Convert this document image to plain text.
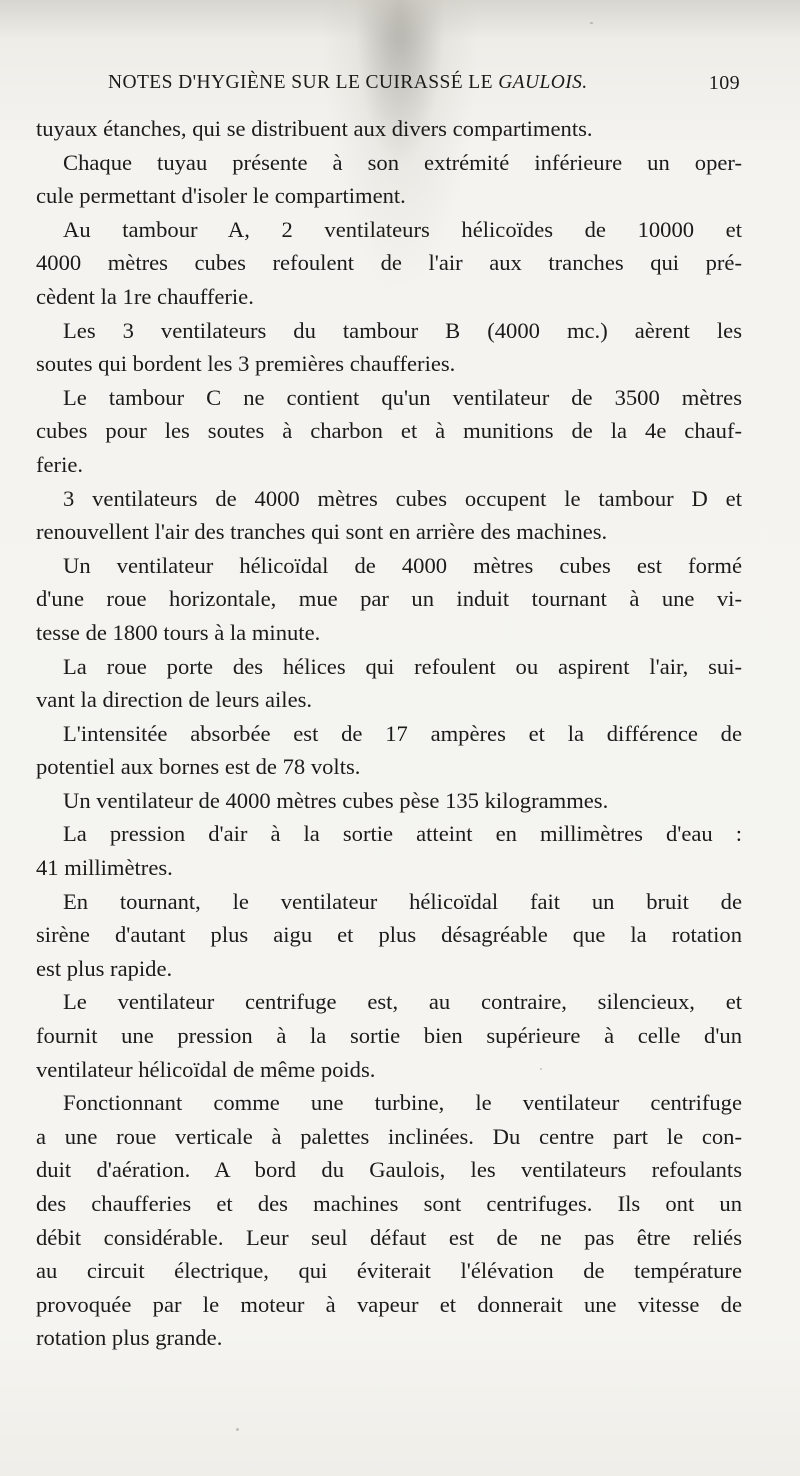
NOTES D'HYGIÈNE SUR LE CUIRASSÉ LE GAULOIS.	109
tuyaux étanches, qui se distribuent aux divers compartiments.
Chaque tuyau présente à son extrémité inférieure un oper-
cule permettant d'isoler le compartiment.
Au tambour A, 2 ventilateurs hélicoïdes de 10000 et
4000 mètres cubes refoulent de l'air aux tranches qui pré-
cèdent la 1re chaufferie.
Les 3 ventilateurs du tambour B (4000 mc.) aèrent les
soutes qui bordent les 3 premières chaufferies.
Le tambour C ne contient qu'un ventilateur de 3500 mètres
cubes pour les soutes à charbon et à munitions de la 4e chauf-
ferie.
3 ventilateurs de 4000 mètres cubes occupent le tambour D et
renouvellent l'air des tranches qui sont en arrière des machines.
Un ventilateur hélicoïdal de 4000 mètres cubes est formé
d'une roue horizontale, mue par un induit tournant à une vi-
tesse de 1800 tours à la minute.
La roue porte des hélices qui refoulent ou aspirent l'air, sui-
vant la direction de leurs ailes.
L'intensitée absorbée est de 17 ampères et la différence de
potentiel aux bornes est de 78 volts.
Un ventilateur de 4000 mètres cubes pèse 135 kilogrammes.
La pression d'air à la sortie atteint en millimètres d'eau :
41 millimètres.
En tournant, le ventilateur hélicoïdal fait un bruit de
sirène d'autant plus aigu et plus désagréable que la rotation
est plus rapide.
Le ventilateur centrifuge est, au contraire, silencieux, et
fournit une pression à la sortie bien supérieure à celle d'un
ventilateur hélicoïdal de même poids.
Fonctionnant comme une turbine, le ventilateur centrifuge
a une roue verticale à palettes inclinées. Du centre part le con-
duit d'aération. A bord du Gaulois, les ventilateurs refoulants
des chaufferies et des machines sont centrifuges. Ils ont un
débit considérable. Leur seul défaut est de ne pas être reliés
au circuit électrique, qui éviterait l'élévation de température
provoquée par le moteur à vapeur et donnerait une vitesse de
rotation plus grande.
